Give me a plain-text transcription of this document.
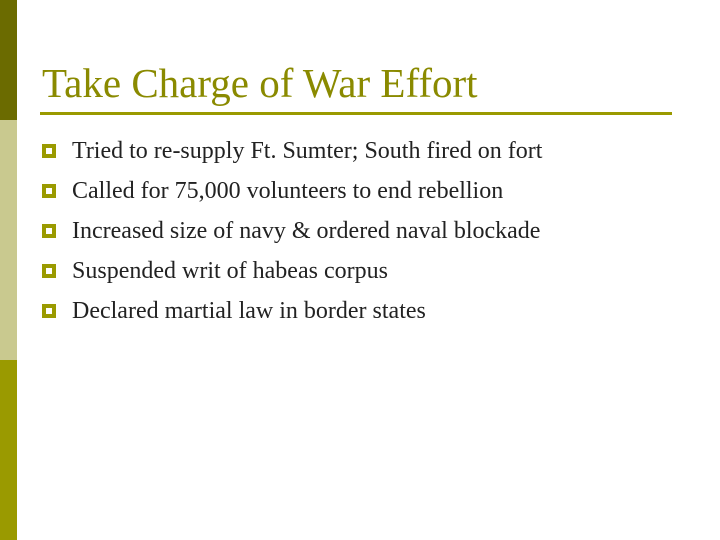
Take Charge of War Effort
Tried to re-supply Ft. Sumter; South fired on fort
Called for 75,000 volunteers to end rebellion
Increased size of navy & ordered naval blockade
Suspended writ of habeas corpus
Declared martial law in border states
